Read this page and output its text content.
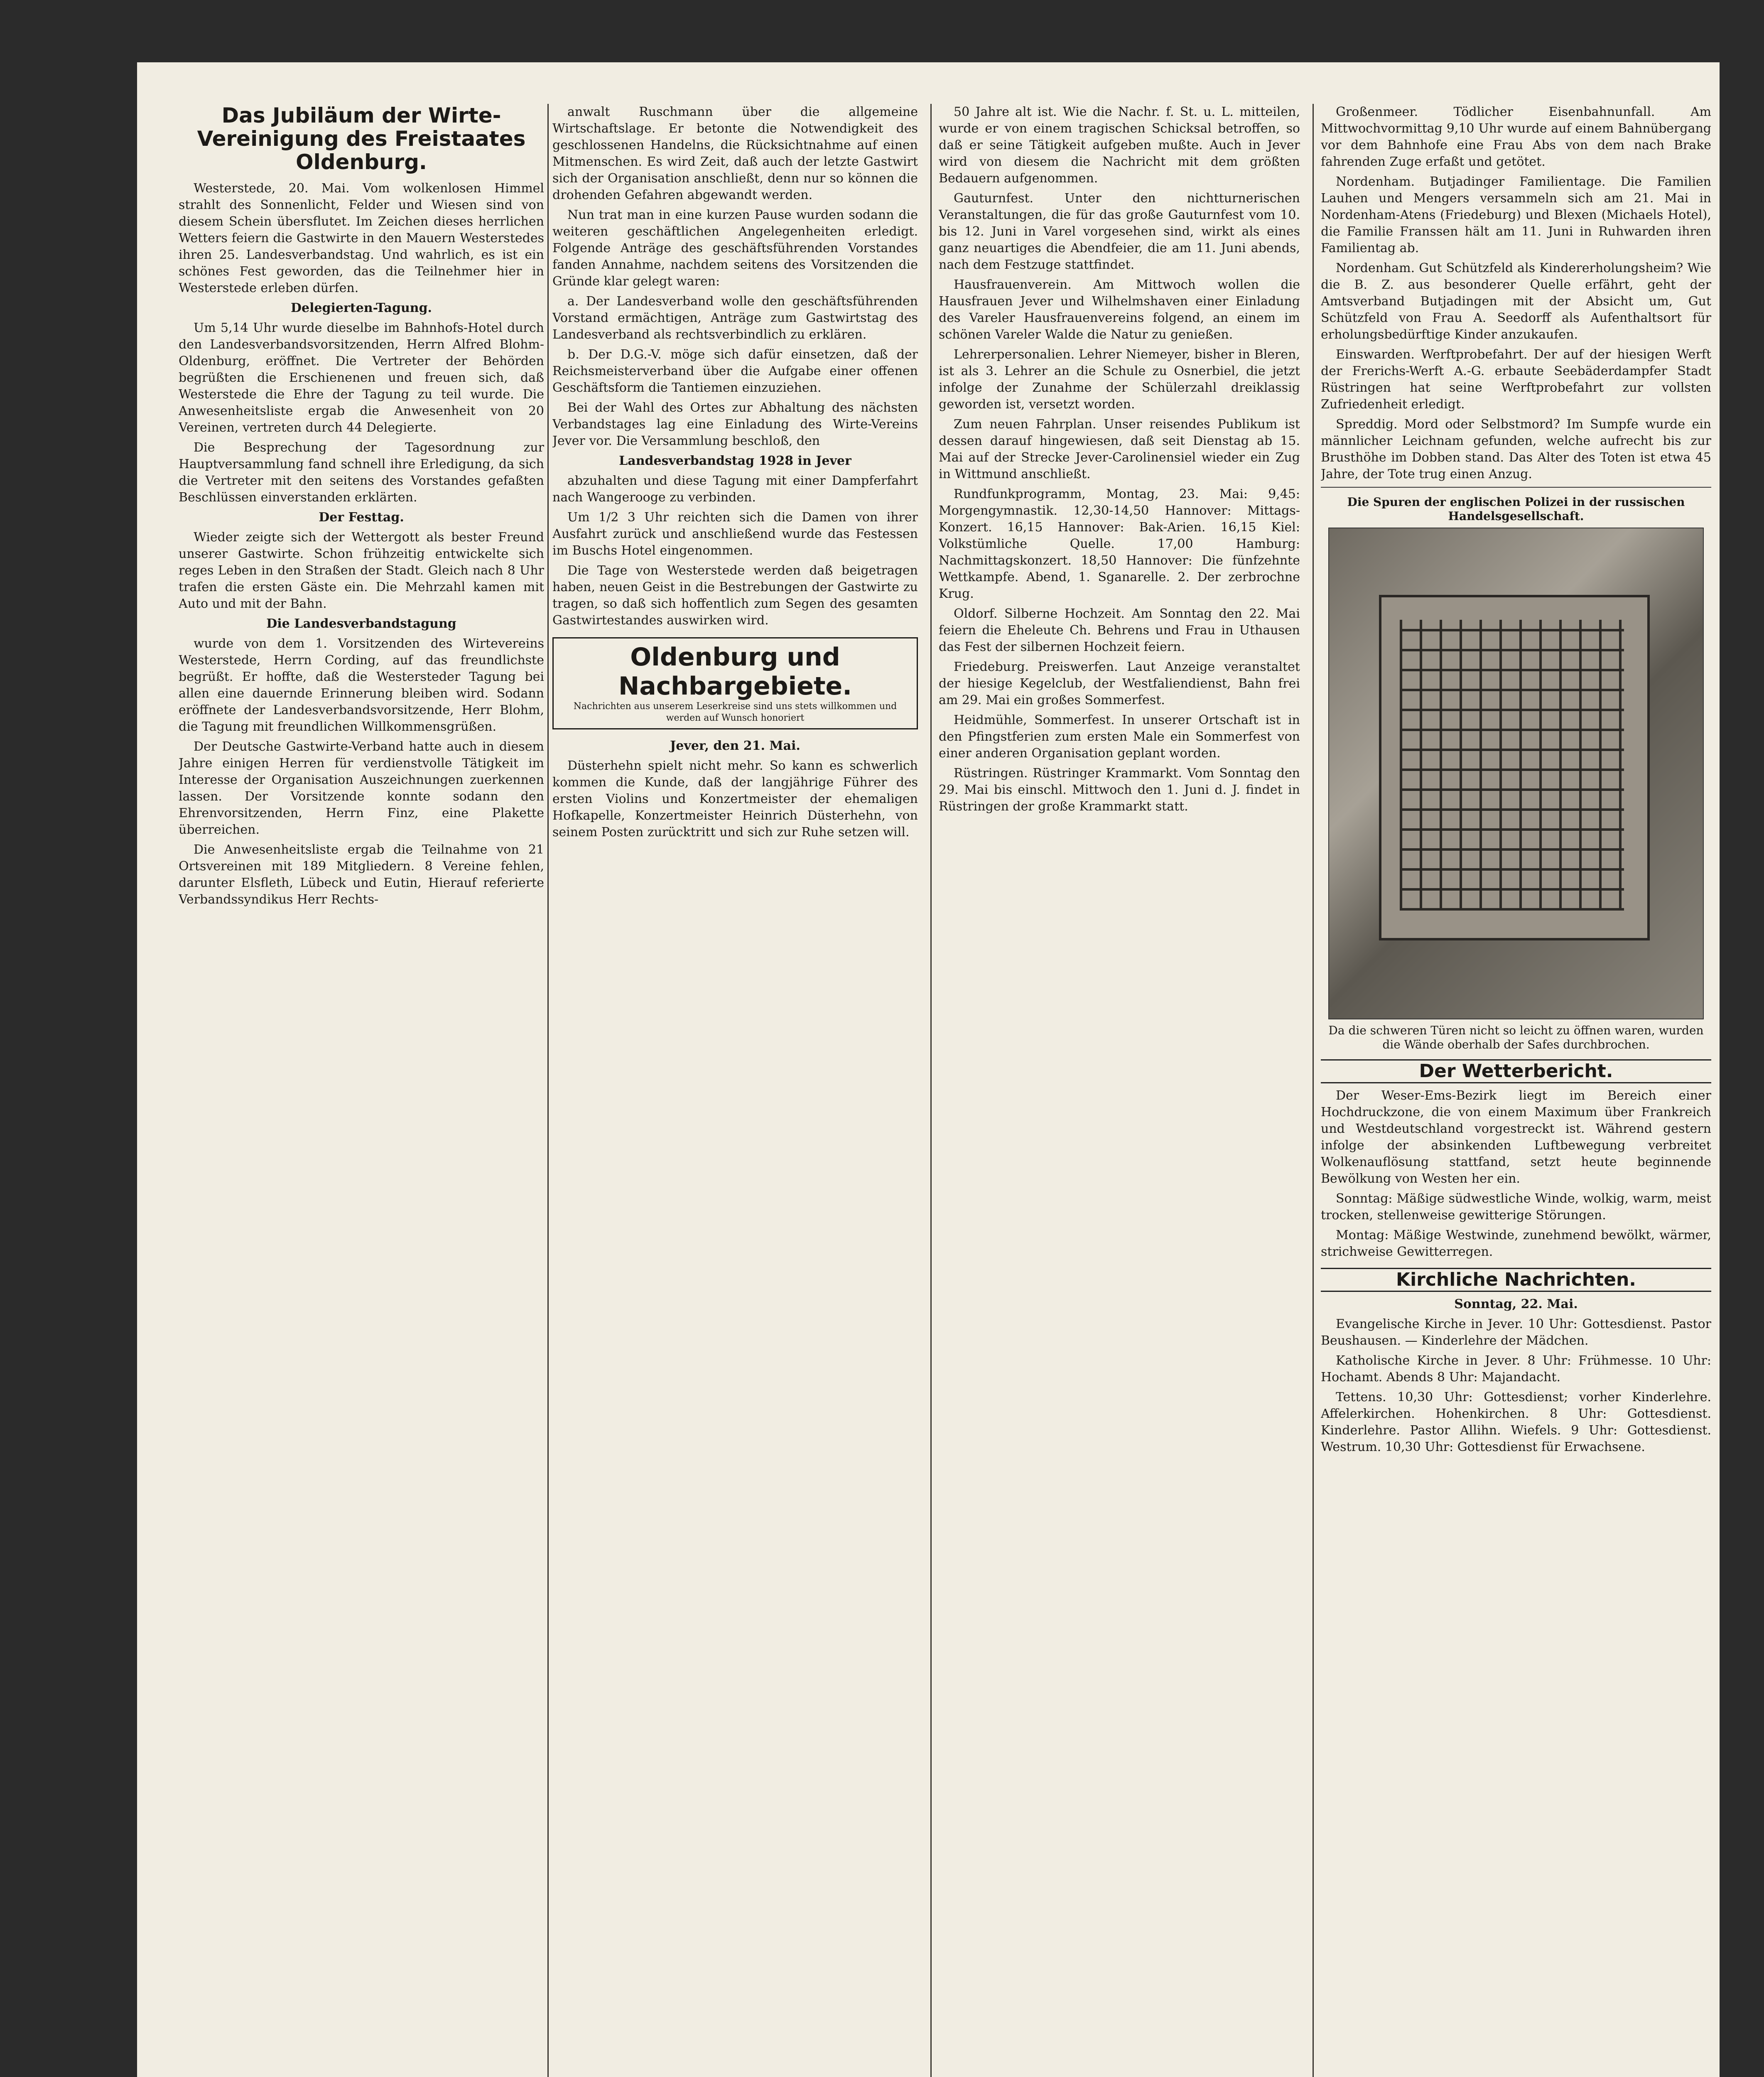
Das Jubiläum der Wirte-Vereinigung des Freistaates Oldenburg.

Westerstede, 20. Mai. Vom wolkenlosen Himmel strahlt des Sonnenlicht, Felder und Wiesen sind von diesem Schein übersflutet. Im Zeichen dieses herrlichen Wetters feiern die Gastwirte in den Mauern Westerstedes ihren 25. Landesverbandstag. Und wahrlich, es ist ein schönes Fest geworden, das die Teilnehmer hier in Westerstede erleben dürfen.

Delegierten-Tagung.

Um 5,14 Uhr wurde dieselbe im Bahnhofs-Hotel durch den Landesverbandsvorsitzenden, Herrn Alfred Blohm-Oldenburg, eröffnet. Die Vertreter der Behörden begrüßten die Erschienenen und freuen sich, daß Westerstede die Ehre der Tagung zu teil wurde. Die Anwesenheitsliste ergab die Anwesenheit von 20 Vereinen, vertreten durch 44 Delegierte.

Die Besprechung der Tagesordnung zur Hauptversammlung fand schnell ihre Erledigung, da sich die Vertreter mit den seitens des Vorstandes gefaßten Beschlüssen einverstanden erklärten.

Der Festtag.

Wieder zeigte sich der Wettergott als bester Freund unserer Gastwirte. Schon frühzeitig entwickelte sich reges Leben in den Straßen der Stadt. Gleich nach 8 Uhr trafen die ersten Gäste ein. Die Mehrzahl kamen mit Auto und mit der Bahn.

Die Landesverbandstagung

wurde von dem 1. Vorsitzenden des Wirtevereins Westerstede, Herrn Cording, auf das freundlichste begrüßt. Er hoffte, daß die Westersteder Tagung bei allen eine dauernde Erinnerung bleiben wird. Sodann eröffnete der Landesverbandsvorsitzende, Herr Blohm, die Tagung mit freundlichen Willkommensgrüßen.

Der Deutsche Gastwirte-Verband hatte auch in diesem Jahre einigen Herren für verdienstvolle Tätigkeit im Interesse der Organisation Auszeichnungen zuerkennen lassen. Der Vorsitzende konnte sodann den Ehrenvorsitzenden, Herrn Finz, eine Plakette überreichen.

Die Anwesenheitsliste ergab die Teilnahme von 21 Ortsvereinen mit 189 Mitgliedern. 8 Vereine fehlen, darunter Elsfleth, Lübeck und Eutin, Hierauf referierte Verbandssyndikus Herr Rechts-

anwalt Ruschmann über die allgemeine Wirtschaftslage. Er betonte die Notwendigkeit des geschlossenen Handelns, die Rücksichtnahme auf einen Mitmenschen. Es wird Zeit, daß auch der letzte Gastwirt sich der Organisation anschließt, denn nur so können die drohenden Gefahren abgewandt werden.

Nun trat man in eine kurzen Pause wurden sodann die weiteren geschäftlichen Angelegenheiten erledigt. Folgende Anträge des geschäftsführenden Vorstandes fanden Annahme, nachdem seitens des Vorsitzenden die Gründe klar gelegt waren:

a. Der Landesverband wolle den geschäftsführenden Vorstand ermächtigen, Anträge zum Gastwirtstag des Landesverband als rechtsverbindlich zu erklären.

b. Der D.G.-V. möge sich dafür einsetzen, daß der Reichsmeisterverband über die Aufgabe einer offenen Geschäftsform die Tantiemen einzuziehen.

Bei der Wahl des Ortes zur Abhaltung des nächsten Verbandstages lag eine Einladung des Wirte-Vereins Jever vor. Die Versammlung beschloß, den

Landesverbandstag 1928 in Jever

abzuhalten und diese Tagung mit einer Dampferfahrt nach Wangerooge zu verbinden.

Um 1/2 3 Uhr reichten sich die Damen von ihrer Ausfahrt zurück und anschließend wurde das Festessen im Buschs Hotel eingenommen.

Die Tage von Westerstede werden daß beigetragen haben, neuen Geist in die Bestrebungen der Gastwirte zu tragen, so daß sich hoffentlich zum Segen des gesamten Gastwirtestandes auswirken wird.

Oldenburg und Nachbargebiete.
Nachrichten aus unserem Leserkreise sind uns stets willkommen und werden auf Wunsch honoriert

Jever, den 21. Mai.

Düsterhehn spielt nicht mehr. So kann es schwerlich kommen die Kunde, daß der langjährige Führer des ersten Violins und Konzertmeister der ehemaligen Hofkapelle, Konzertmeister Heinrich Düsterhehn, von seinem Posten zurücktritt und sich zur Ruhe setzen will.

50 Jahre alt ist. Wie die Nachr. f. St. u. L. mitteilen, wurde er von einem tragischen Schicksal betroffen, so daß er seine Tätigkeit aufgeben mußte. Auch in Jever wird von diesem die Nachricht mit dem größten Bedauern aufgenommen.

Gauturnfest. Unter den nichtturnerischen Veranstaltungen, die für das große Gauturnfest vom 10. bis 12. Juni in Varel vorgesehen sind, wirkt als eines ganz neuartiges die Abendfeier, die am 11. Juni abends, nach dem Festzuge stattfindet.

Hausfrauenverein. Am Mittwoch wollen die Hausfrauen Jever und Wilhelmshaven einer Einladung des Vareler Hausfrauenvereins folgend, an einem im schönen Vareler Walde die Natur zu genießen.

Lehrerpersonalien. Lehrer Niemeyer, bisher in Bleren, ist als 3. Lehrer an die Schule zu Osnerbiel, die jetzt infolge der Zunahme der Schülerzahl dreiklassig geworden ist, versetzt worden.

Zum neuen Fahrplan. Unser reisendes Publikum ist dessen darauf hingewiesen, daß seit Dienstag ab 15. Mai auf der Strecke Jever-Carolinensiel wieder ein Zug in Wittmund anschließt.

Rundfunkprogramm, Montag, 23. Mai: 9,45: Morgengymnastik. 12,30-14,50 Hannover: Mittags-Konzert. 16,15 Hannover: Bak-Arien. 16,15 Kiel: Volkstümliche Quelle. 17,00 Hamburg: Nachmittagskonzert. 18,50 Hannover: Die fünfzehnte Wettkampfe. Abend, 1. Sganarelle. 2. Der zerbrochne Krug.

Oldorf. Silberne Hochzeit. Am Sonntag den 22. Mai feiern die Eheleute Ch. Behrens und Frau in Uthausen das Fest der silbernen Hochzeit feiern.

Friedeburg. Preiswerfen. Laut Anzeige veranstaltet der hiesige Kegelclub, der Westfaliendienst, Bahn frei am 29. Mai ein großes Sommerfest.

Heidmühle, Sommerfest. In unserer Ortschaft ist in den Pfingstferien zum ersten Male ein Sommerfest von einer anderen Organisation geplant worden.

Rüstringen. Rüstringer Krammarkt. Vom Sonntag den 29. Mai bis einschl. Mittwoch den 1. Juni d. J. findet in Rüstringen der große Krammarkt statt.

Großenmeer. Tödlicher Eisenbahnunfall. Am Mittwochvormittag 9,10 Uhr wurde auf einem Bahnübergang vor dem Bahnhofe eine Frau Abs von dem nach Brake fahrenden Zuge erfaßt und getötet.

Nordenham. Butjadinger Familientage. Die Familien Lauhen und Mengers versammeln sich am 21. Mai in Nordenham-Atens (Friedeburg) und Blexen (Michaels Hotel), die Familie Franssen hält am 11. Juni in Ruhwarden ihren Familientag ab.

Nordenham. Gut Schützfeld als Kindererholungsheim? Wie die B. Z. aus besonderer Quelle erfährt, geht der Amtsverband Butjadingen mit der Absicht um, Gut Schützfeld von Frau A. Seedorff als Aufenthaltsort für erholungsbedürftige Kinder anzukaufen.

Einswarden. Werftprobefahrt. Der auf der hiesigen Werft der Frerichs-Werft A.-G. erbaute Seebäderdampfer Stadt Rüstringen hat seine Werftprobefahrt zur vollsten Zufriedenheit erledigt.

Spreddig. Mord oder Selbstmord? Im Sumpfe wurde ein männlicher Leichnam gefunden, welche aufrecht bis zur Brusthöhe im Dobben stand. Das Alter des Toten ist etwa 45 Jahre, der Tote trug einen Anzug.

Die Spuren der englischen Polizei in der russischen Handelsgesellschaft.
Da die schweren Türen nicht so leicht zu öffnen waren, wurden die Wände oberhalb der Safes durchbrochen.
Der Wetterbericht.

Der Weser-Ems-Bezirk liegt im Bereich einer Hochdruckzone, die von einem Maximum über Frankreich und Westdeutschland vorgestreckt ist. Während gestern infolge der absinkenden Luftbewegung verbreitet Wolkenauflösung stattfand, setzt heute beginnende Bewölkung von Westen her ein.

Sonntag: Mäßige südwestliche Winde, wolkig, warm, meist trocken, stellenweise gewitterige Störungen.

Montag: Mäßige Westwinde, zunehmend bewölkt, wärmer, strichweise Gewitterregen.

Kirchliche Nachrichten.

Sonntag, 22. Mai.

Evangelische Kirche in Jever. 10 Uhr: Gottesdienst. Pastor Beushausen. — Kinderlehre der Mädchen.

Katholische Kirche in Jever. 8 Uhr: Frühmesse. 10 Uhr: Hochamt. Abends 8 Uhr: Majandacht.

Tettens. 10,30 Uhr: Gottesdienst; vorher Kinderlehre. Affelerkirchen. Hohenkirchen. 8 Uhr: Gottesdienst. Kinderlehre. Pastor Allihn. Wiefels. 9 Uhr: Gottesdienst. Westrum. 10,30 Uhr: Gottesdienst für Erwachsene.
